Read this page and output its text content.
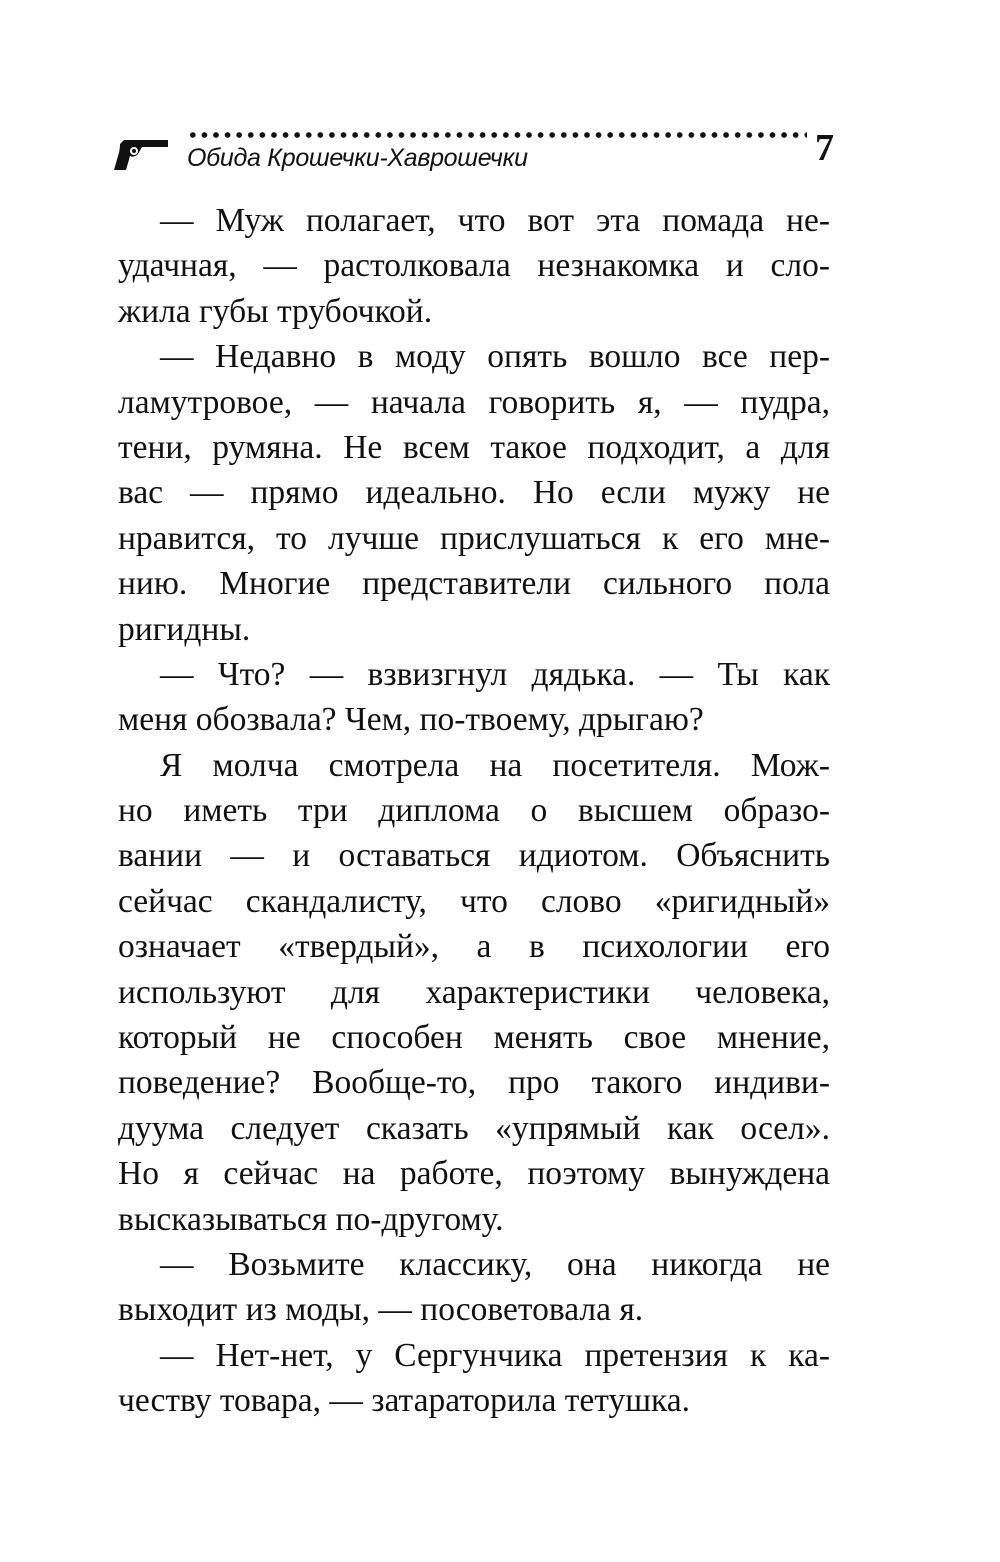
Обида Крошечки-Хаврошечки	7
— Муж полагает, что вот эта помада не-
удачная, — растолковала незнакомка и сло-
жила губы трубочкой.
— Недавно в моду опять вошло все пер-
ламутровое, — начала говорить я, — пудра,
тени, румяна. Не всем такое подходит, а для
вас — прямо идеально. Но если мужу не
нравится, то лучше прислушаться к его мне-
нию. Многие представители сильного пола
ригидны.
— Что? — взвизгнул дядька. — Ты как
меня обозвала? Чем, по-твоему, дрыгаю?
Я молча смотрела на посетителя. Мож-
но иметь три диплома о высшем образо-
вании — и оставаться идиотом. Объяснить
сейчас скандалисту, что слово «ригидный»
означает «твердый», а в психологии его
используют для характеристики человека,
который не способен менять свое мнение,
поведение? Вообще-то, про такого индиви-
дуума следует сказать «упрямый как осел».
Но я сейчас на работе, поэтому вынуждена
высказываться по-другому.
— Возьмите классику, она никогда не
выходит из моды, — посоветовала я.
— Нет-нет, у Сергунчика претензия к ка-
честву товара, — затараторила тетушка.
